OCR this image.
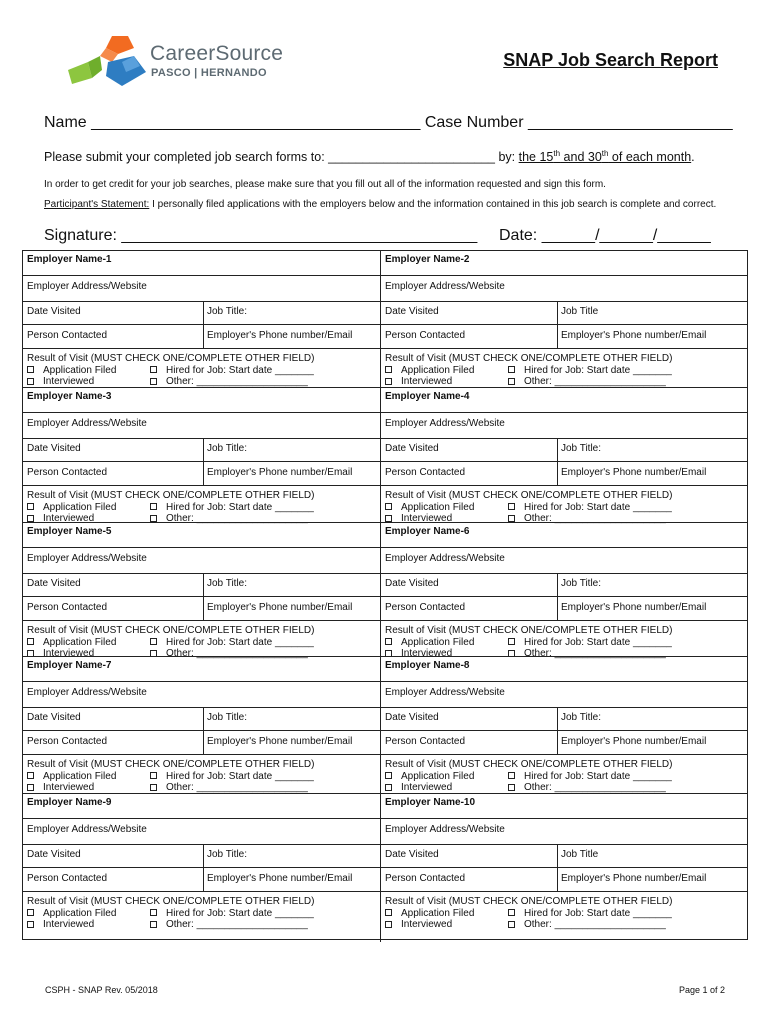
CareerSource
PASCO | HERNANDO
SNAP Job Search Report
Name _____________________________________ Case Number _______________________
Please submit your completed job search forms to: ________________________ by: the 15th and 30th of each month.
In order to get credit for your job searches, please make sure that you fill out all of the information requested and sign this form.
Participant's Statement: I personally filed applications with the employers below and the information contained in this job search is complete and correct.
Signature: ________________________________________ Date: ______/______/______
Employer Name-1	Employer Name-2
Employer Address/Website	Employer Address/Website
Date Visited	Job Title:	Date Visited	Job Title
Person Contacted	Employer's Phone number/Email	Person Contacted	Employer's Phone number/Email
Result of Visit (MUST CHECK ONE/COMPLETE OTHER FIELD)
Application Filed	Hired for Job: Start date _______
Interviewed	Other: ____________________
Result of Visit (MUST CHECK ONE/COMPLETE OTHER FIELD)
Application Filed	Hired for Job: Start date _______
Interviewed	Other: ____________________
Employer Name-3	Employer Name-4
Employer Address/Website	Employer Address/Website
Date Visited	Job Title:	Date Visited	Job Title:
Person Contacted	Employer's Phone number/Email	Person Contacted	Employer's Phone number/Email
Result of Visit (MUST CHECK ONE/COMPLETE OTHER FIELD)
Application Filed	Hired for Job: Start date _______
Interviewed	Other: ____________________
Result of Visit (MUST CHECK ONE/COMPLETE OTHER FIELD)
Application Filed	Hired for Job: Start date _______
Interviewed	Other: ____________________
Employer Name-5	Employer Name-6
Employer Address/Website	Employer Address/Website
Date Visited	Job Title:	Date Visited	Job Title:
Person Contacted	Employer's Phone number/Email	Person Contacted	Employer's Phone number/Email
Result of Visit (MUST CHECK ONE/COMPLETE OTHER FIELD)
Application Filed	Hired for Job: Start date _______
Interviewed	Other: ____________________
Result of Visit (MUST CHECK ONE/COMPLETE OTHER FIELD)
Application Filed	Hired for Job: Start date _______
Interviewed	Other: ____________________
Employer Name-7	Employer Name-8
Employer Address/Website	Employer Address/Website
Date Visited	Job Title:	Date Visited	Job Title:
Person Contacted	Employer's Phone number/Email	Person Contacted	Employer's Phone number/Email
Result of Visit (MUST CHECK ONE/COMPLETE OTHER FIELD)
Application Filed	Hired for Job: Start date _______
Interviewed	Other: ____________________
Result of Visit (MUST CHECK ONE/COMPLETE OTHER FIELD)
Application Filed	Hired for Job: Start date _______
Interviewed	Other: ____________________
Employer Name-9	Employer Name-10
Employer Address/Website	Employer Address/Website
Date Visited	Job Title:	Date Visited	Job Title
Person Contacted	Employer's Phone number/Email	Person Contacted	Employer's Phone number/Email
Result of Visit (MUST CHECK ONE/COMPLETE OTHER FIELD)
Application Filed	Hired for Job: Start date _______
Interviewed	Other: ____________________
Result of Visit (MUST CHECK ONE/COMPLETE OTHER FIELD)
Application Filed	Hired for Job: Start date _______
Interviewed	Other: ____________________
CSPH - SNAP Rev. 05/2018	Page 1 of 2
